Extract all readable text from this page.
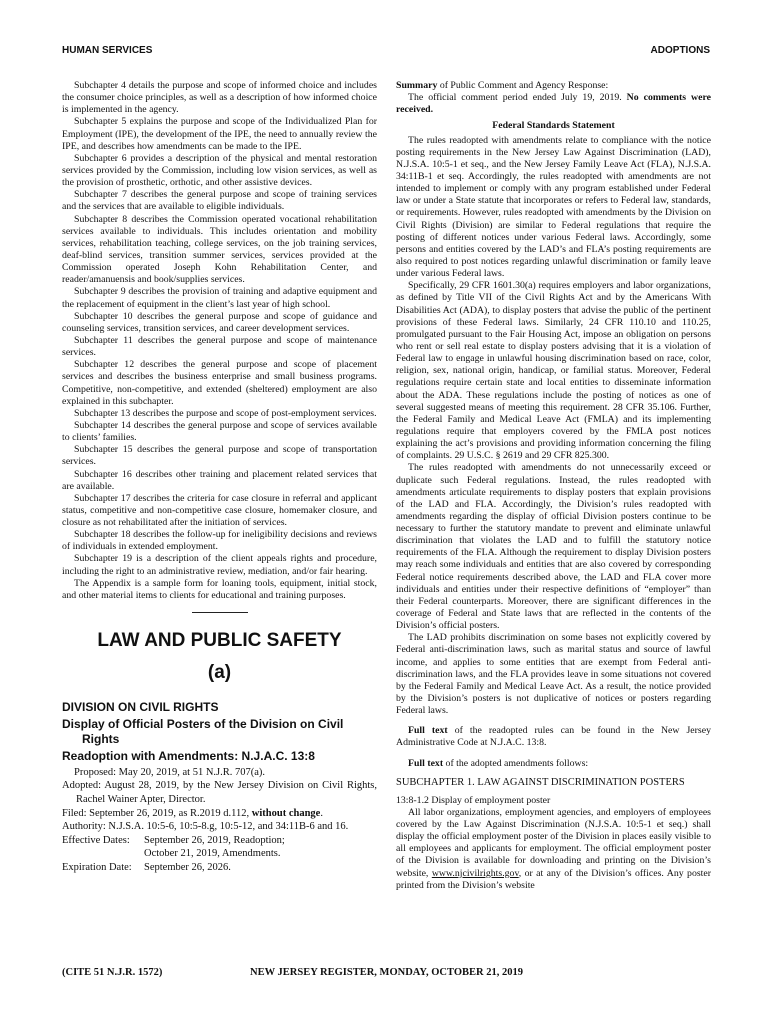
HUMAN SERVICES	ADOPTIONS

Subchapter 4 details the purpose and scope of informed choice and includes the consumer choice principles, as well as a description of how informed choice is implemented in the agency.

Subchapter 5 explains the purpose and scope of the Individualized Plan for Employment (IPE), the development of the IPE, the need to annually review the IPE, and describes how amendments can be made to the IPE.

Subchapter 6 provides a description of the physical and mental restoration services provided by the Commission, including low vision services, as well as the provision of prosthetic, orthotic, and other assistive devices.

Subchapter 7 describes the general purpose and scope of training services and the services that are available to eligible individuals.

Subchapter 8 describes the Commission operated vocational rehabilitation services available to individuals. This includes orientation and mobility services, rehabilitation teaching, college services, on the job training services, deaf-blind services, transition summer services, services provided at the Commission operated Joseph Kohn Rehabilitation Center, and reader/amanuensis and book/supplies services.

Subchapter 9 describes the provision of training and adaptive equipment and the replacement of equipment in the client’s last year of high school.

Subchapter 10 describes the general purpose and scope of guidance and counseling services, transition services, and career development services.

Subchapter 11 describes the general purpose and scope of maintenance services.

Subchapter 12 describes the general purpose and scope of placement services and describes the business enterprise and small business programs. Competitive, non-competitive, and extended (sheltered) employment are also explained in this subchapter.

Subchapter 13 describes the purpose and scope of post-employment services.

Subchapter 14 describes the general purpose and scope of services available to clients’ families.

Subchapter 15 describes the general purpose and scope of transportation services.

Subchapter 16 describes other training and placement related services that are available.

Subchapter 17 describes the criteria for case closure in referral and applicant status, competitive and non-competitive case closure, homemaker closure, and closure as not rehabilitated after the initiation of services.

Subchapter 18 describes the follow-up for ineligibility decisions and reviews of individuals in extended employment.

Subchapter 19 is a description of the client appeals rights and procedure, including the right to an administrative review, mediation, and/or fair hearing.

The Appendix is a sample form for loaning tools, equipment, initial stock, and other material items to clients for educational and training purposes.

LAW AND PUBLIC SAFETY
(a)
DIVISION ON CIVIL RIGHTS
Display of Official Posters of the Division on Civil Rights
Readoption with Amendments: N.J.A.C. 13:8

Proposed: May 20, 2019, at 51 N.J.R. 707(a).

Adopted: August 28, 2019, by the New Jersey Division on Civil Rights, Rachel Wainer Apter, Director.

Filed: September 26, 2019, as R.2019 d.112, without change.

Authority: N.J.S.A. 10:5-6, 10:5-8.g, 10:5-12, and 34:11B-6 and 16.

Effective Dates:	September 26, 2019, Readoption;
October 21, 2019, Amendments.
Expiration Date:	September 26, 2026.

Summary of Public Comment and Agency Response:

The official comment period ended July 19, 2019. No comments were received.

Federal Standards Statement

The rules readopted with amendments relate to compliance with the notice posting requirements in the New Jersey Law Against Discrimination (LAD), N.J.S.A. 10:5-1 et seq., and the New Jersey Family Leave Act (FLA), N.J.S.A. 34:11B-1 et seq. Accordingly, the rules readopted with amendments are not intended to implement or comply with any program established under Federal law or under a State statute that incorporates or refers to Federal law, standards, or requirements. However, rules readopted with amendments by the Division on Civil Rights (Division) are similar to Federal regulations that require the posting of different notices under various Federal laws. Accordingly, some persons and entities covered by the LAD’s and FLA’s posting requirements are also required to post notices regarding unlawful discrimination or family leave under various Federal laws.

Specifically, 29 CFR 1601.30(a) requires employers and labor organizations, as defined by Title VII of the Civil Rights Act and by the Americans With Disabilities Act (ADA), to display posters that advise the public of the pertinent provisions of these Federal laws. Similarly, 24 CFR 110.10 and 110.25, promulgated pursuant to the Fair Housing Act, impose an obligation on persons who rent or sell real estate to display posters advising that it is a violation of Federal law to engage in unlawful housing discrimination based on race, color, religion, sex, national origin, handicap, or familial status. Moreover, Federal regulations require certain state and local entities to disseminate information about the ADA. These regulations include the posting of notices as one of several suggested means of meeting this requirement. 28 CFR 35.106. Further, the Federal Family and Medical Leave Act (FMLA) and its implementing regulations require that employers covered by the FMLA post notices explaining the act’s provisions and providing information concerning the filing of complaints. 29 U.S.C. § 2619 and 29 CFR 825.300.

The rules readopted with amendments do not unnecessarily exceed or duplicate such Federal regulations. Instead, the rules readopted with amendments articulate requirements to display posters that explain provisions of the LAD and FLA. Accordingly, the Division’s rules readopted with amendments regarding the display of official Division posters continue to be necessary to further the statutory mandate to prevent and eliminate unlawful discrimination that violates the LAD and to fulfill the statutory notice requirements of the FLA. Although the requirement to display Division posters may reach some individuals and entities that are also covered by corresponding Federal notice requirements described above, the LAD and FLA cover more individuals and entities under their respective definitions of “employer” than their Federal counterparts. Moreover, there are significant differences in the coverage of Federal and State laws that are reflected in the contents of the Division’s official posters.

The LAD prohibits discrimination on some bases not explicitly covered by Federal anti-discrimination laws, such as marital status and source of lawful income, and applies to some entities that are exempt from Federal anti-discrimination laws, and the FLA provides leave in some situations not covered by the Federal Family and Medical Leave Act. As a result, the notice provided by the Division’s posters is not duplicative of notices or posters regarding Federal laws.

Full text of the readopted rules can be found in the New Jersey Administrative Code at N.J.A.C. 13:8.

Full text of the adopted amendments follows:

SUBCHAPTER 1. LAW AGAINST DISCRIMINATION POSTERS

13:8-1.2 Display of employment poster

All labor organizations, employment agencies, and employers of employees covered by the Law Against Discrimination (N.J.S.A. 10:5-1 et seq.) shall display the official employment poster of the Division in places easily visible to all employees and applicants for employment. The official employment poster of the Division is available for downloading and printing on the Division’s website, www.njcivilrights.gov, or at any of the Division’s offices. Any poster printed from the Division’s website

(CITE 51 N.J.R. 1572)	NEW JERSEY REGISTER, MONDAY, OCTOBER 21, 2019
